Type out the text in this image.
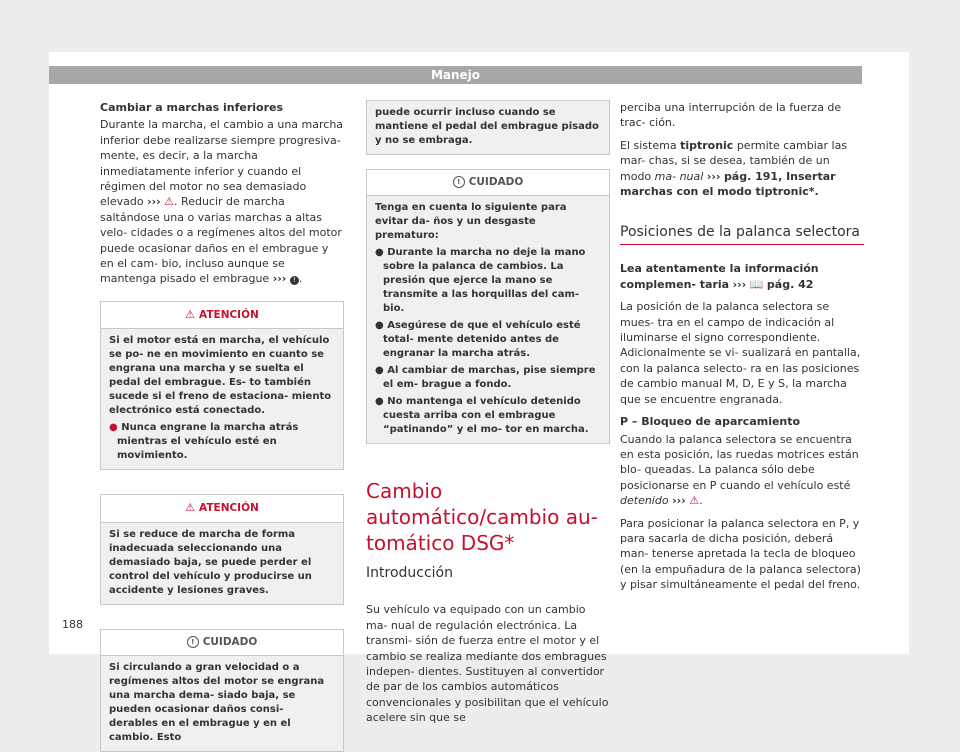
Manejo
Cambiar a marchas inferiores

Durante la marcha, el cambio a una marcha inferior debe realizarse siempre progresiva- mente, es decir, a la marcha inmediatamente inferior y cuando el régimen del motor no sea demasiado elevado ››› ⚠. Reducir de marcha saltándose una o varias marchas a altas velo- cidades o a regímenes altos del motor puede ocasionar daños en el embrague y en el cam- bio, incluso aunque se mantenga pisado el embrague ››› ! .

⚠ ATENCIÓN
Si el motor está en marcha, el vehículo se po- ne en movimiento en cuanto se engrana una marcha y se suelta el pedal del embrague. Es- to también sucede si el freno de estaciona- miento electrónico está conectado.
● Nunca engrane la marcha atrás mientras el vehículo esté en movimiento.
⚠ ATENCIÓN
Si se reduce de marcha de forma inadecuada seleccionando una demasiado baja, se puede perder el control del vehículo y producirse un accidente y lesiones graves.
! CUIDADO
Si circulando a gran velocidad o a regímenes altos del motor se engrana una marcha dema- siado baja, se pueden ocasionar daños consi- derables en el embrague y en el cambio. Esto
puede ocurrir incluso cuando se mantiene el pedal del embrague pisado y no se embraga.
! CUIDADO
Tenga en cuenta lo siguiente para evitar da- ños y un desgaste prematuro:
● Durante la marcha no deje la mano sobre la palanca de cambios. La presión que ejerce la mano se transmite a las horquillas del cam- bio.
● Asegúrese de que el vehículo esté total- mente detenido antes de engranar la marcha atrás.
● Al cambiar de marchas, pise siempre el em- brague a fondo.
● No mantenga el vehículo detenido cuesta arriba con el embrague “patinando” y el mo- tor en marcha.
Cambio automático/cambio au- tomático DSG*
Introducción

Su vehículo va equipado con un cambio ma- nual de regulación electrónica. La transmi- sión de fuerza entre el motor y el cambio se realiza mediante dos embragues indepen- dientes. Sustituyen al convertidor de par de los cambios automáticos convencionales y posibilitan que el vehículo acelere sin que se

perciba una interrupción de la fuerza de trac- ción.

El sistema tiptronic permite cambiar las mar- chas, si se desea, también de un modo ma- nual ››› pág. 191, Insertar marchas con el modo tiptronic*.

Posiciones de la palanca selectora

Lea atentamente la información complemen- taria ››› 📖 pág. 42

La posición de la palanca selectora se mues- tra en el campo de indicación al iluminarse el signo correspondiente. Adicionalmente se vi- sualizará en pantalla, con la palanca selecto- ra en las posiciones de cambio manual M, D, E y S, la marcha que se encuentre engranada.

P – Bloqueo de aparcamiento

Cuando la palanca selectora se encuentra en esta posición, las ruedas motrices están blo- queadas. La palanca sólo debe posicionarse en P cuando el vehículo esté detenido ››› ⚠.

Para posicionar la palanca selectora en P, y para sacarla de dicha posición, deberá man- tenerse apretada la tecla de bloqueo (en la empuñadura de la palanca selectora) y pisar simultáneamente el pedal del freno.

188
